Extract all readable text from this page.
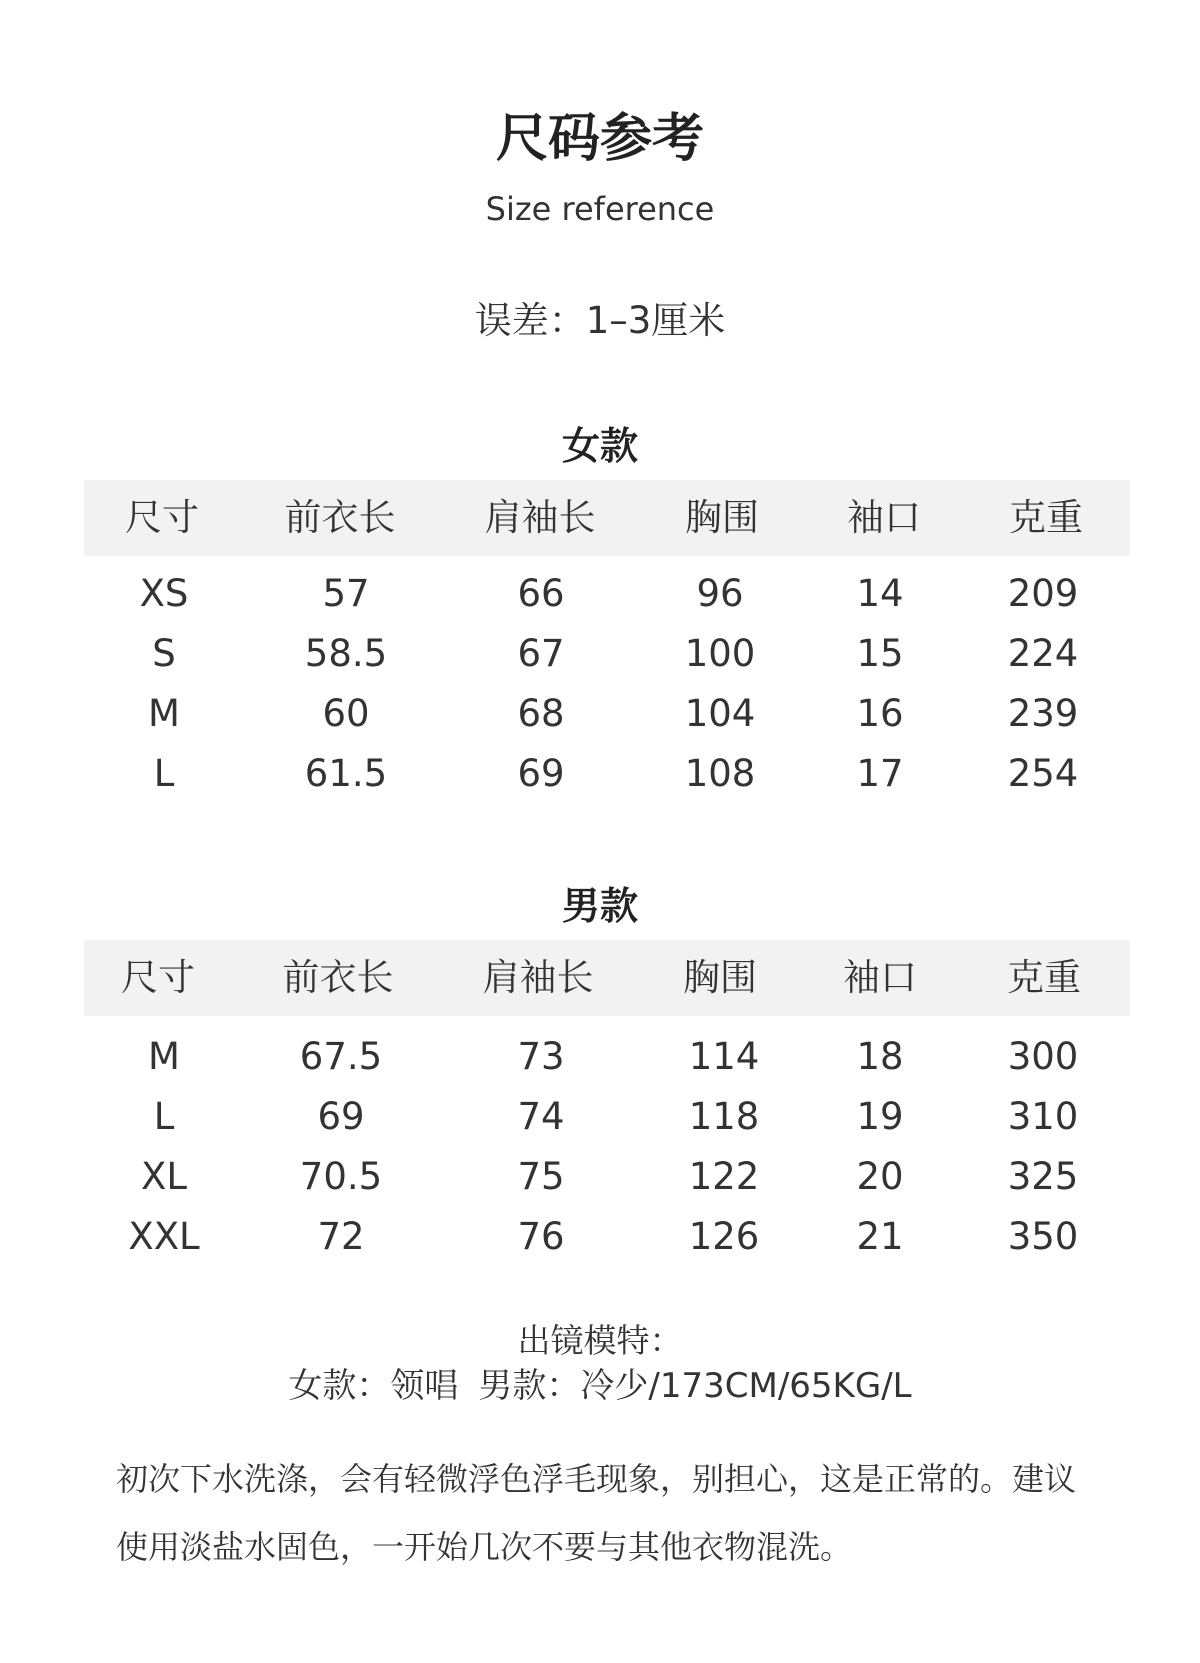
尺码参考
Size reference
误差：1–3厘米
女款
尺寸 前衣长 肩袖长 胸围 袖口 克重
XS	57	66	96	14	209
S	58.5	67	100	15	224
M	60	68	104	16	239
L	61.5	69	108	17	254
男款
尺寸 前衣长 肩袖长 胸围 袖口 克重
M	67.5	73	114	18	300
L	69	74	118	19	310
XL	70.5	75	122	20	325
XXL	72	76	126	21	350
出镜模特：
女款：领唱 男款：冷少/173CM/65KG/L
初次下水洗涤，会有轻微浮色浮毛现象，别担心，这是正常的。建议使用淡盐水固色，一开始几次不要与其他衣物混洗。
